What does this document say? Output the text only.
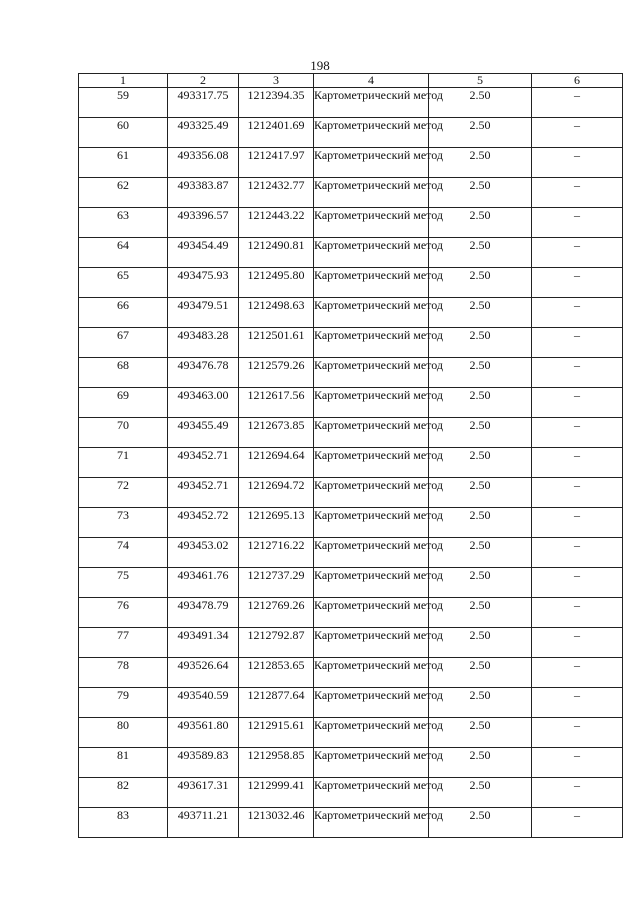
198
1	2	3	4	5	6
59	493317.75	1212394.35	Картометрический метод	2.50	–
60	493325.49	1212401.69	Картометрический метод	2.50	–
61	493356.08	1212417.97	Картометрический метод	2.50	–
62	493383.87	1212432.77	Картометрический метод	2.50	–
63	493396.57	1212443.22	Картометрический метод	2.50	–
64	493454.49	1212490.81	Картометрический метод	2.50	–
65	493475.93	1212495.80	Картометрический метод	2.50	–
66	493479.51	1212498.63	Картометрический метод	2.50	–
67	493483.28	1212501.61	Картометрический метод	2.50	–
68	493476.78	1212579.26	Картометрический метод	2.50	–
69	493463.00	1212617.56	Картометрический метод	2.50	–
70	493455.49	1212673.85	Картометрический метод	2.50	–
71	493452.71	1212694.64	Картометрический метод	2.50	–
72	493452.71	1212694.72	Картометрический метод	2.50	–
73	493452.72	1212695.13	Картометрический метод	2.50	–
74	493453.02	1212716.22	Картометрический метод	2.50	–
75	493461.76	1212737.29	Картометрический метод	2.50	–
76	493478.79	1212769.26	Картометрический метод	2.50	–
77	493491.34	1212792.87	Картометрический метод	2.50	–
78	493526.64	1212853.65	Картометрический метод	2.50	–
79	493540.59	1212877.64	Картометрический метод	2.50	–
80	493561.80	1212915.61	Картометрический метод	2.50	–
81	493589.83	1212958.85	Картометрический метод	2.50	–
82	493617.31	1212999.41	Картометрический метод	2.50	–
83	493711.21	1213032.46	Картометрический метод	2.50	–
